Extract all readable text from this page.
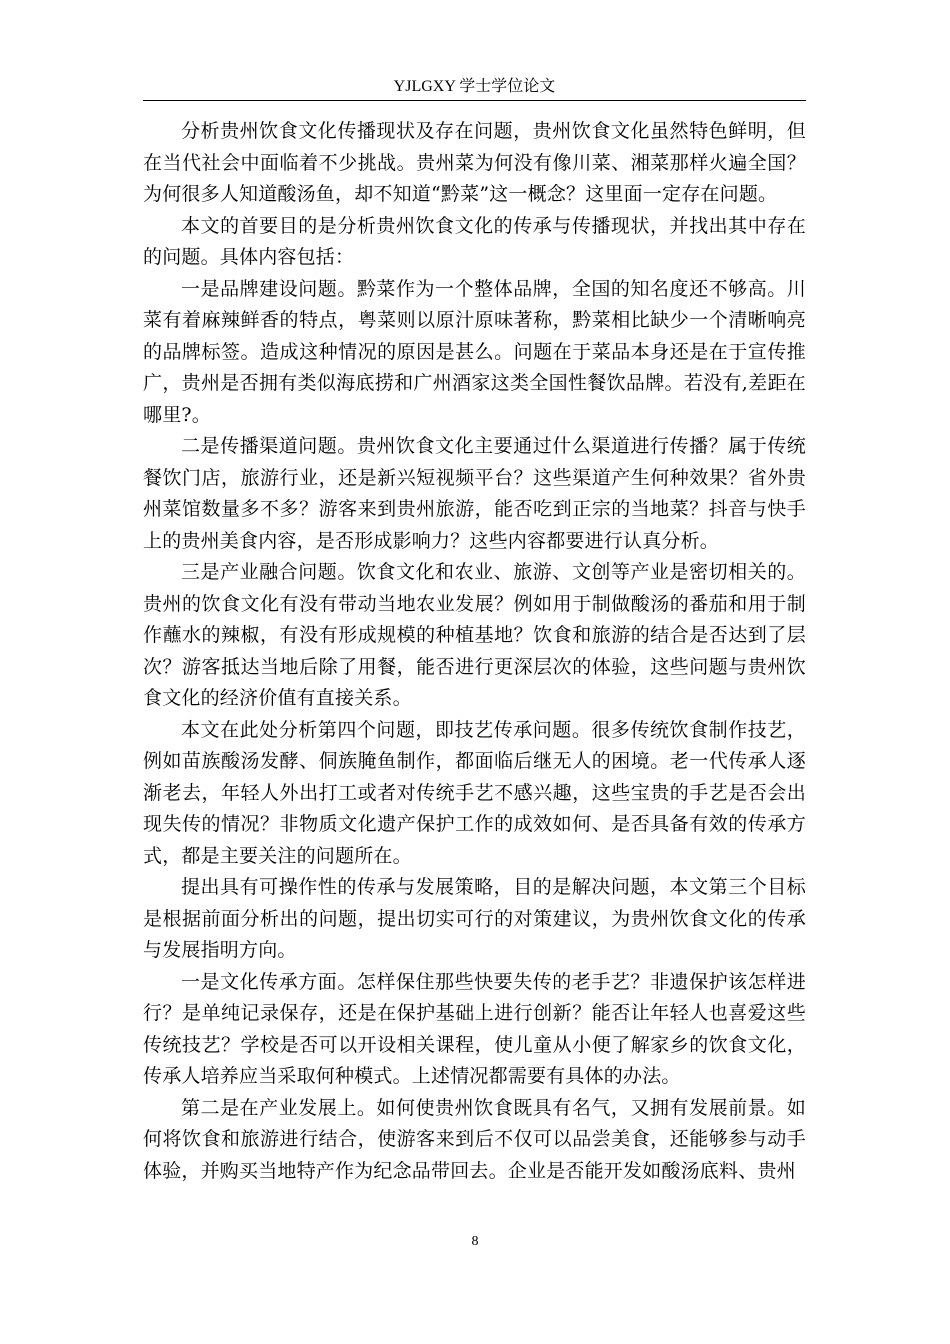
YJLGXY 学士学位论文

分析贵州饮食文化传播现状及存在问题，贵州饮食文化虽然特色鲜明，但在当代社会中面临着不少挑战。贵州菜为何没有像川菜、湘菜那样火遍全国？为何很多人知道酸汤鱼，却不知道“黔菜”这一概念？这里面一定存在问题。

本文的首要目的是分析贵州饮食文化的传承与传播现状，并找出其中存在的问题。具体内容包括：

一是品牌建设问题。黔菜作为一个整体品牌，全国的知名度还不够高。川菜有着麻辣鲜香的特点，粤菜则以原汁原味著称，黔菜相比缺少一个清晰响亮的品牌标签。造成这种情况的原因是甚么。问题在于菜品本身还是在于宣传推广，贵州是否拥有类似海底捞和广州酒家这类全国性餐饮品牌。若没有,差距在哪里?。

二是传播渠道问题。贵州饮食文化主要通过什么渠道进行传播？属于传统餐饮门店，旅游行业，还是新兴短视频平台？这些渠道产生何种效果？省外贵州菜馆数量多不多？游客来到贵州旅游，能否吃到正宗的当地菜？抖音与快手上的贵州美食内容，是否形成影响力？这些内容都要进行认真分析。

三是产业融合问题。饮食文化和农业、旅游、文创等产业是密切相关的。贵州的饮食文化有没有带动当地农业发展？例如用于制做酸汤的番茄和用于制作蘸水的辣椒，有没有形成规模的种植基地？饮食和旅游的结合是否达到了层次？游客抵达当地后除了用餐，能否进行更深层次的体验，这些问题与贵州饮食文化的经济价值有直接关系。

本文在此处分析第四个问题，即技艺传承问题。很多传统饮食制作技艺，例如苗族酸汤发酵、侗族腌鱼制作，都面临后继无人的困境。老一代传承人逐渐老去，年轻人外出打工或者对传统手艺不感兴趣，这些宝贵的手艺是否会出现失传的情况？非物质文化遗产保护工作的成效如何、是否具备有效的传承方式，都是主要关注的问题所在。

提出具有可操作性的传承与发展策略，目的是解决问题，本文第三个目标是根据前面分析出的问题，提出切实可行的对策建议，为贵州饮食文化的传承与发展指明方向。

一是文化传承方面。怎样保住那些快要失传的老手艺？非遗保护该怎样进行？是单纯记录保存，还是在保护基础上进行创新？能否让年轻人也喜爱这些传统技艺？学校是否可以开设相关课程，使儿童从小便了解家乡的饮食文化，传承人培养应当采取何种模式。上述情况都需要有具体的办法。

第二是在产业发展上。如何使贵州饮食既具有名气，又拥有发展前景。如何将饮食和旅游进行结合，使游客来到后不仅可以品尝美食，还能够参与动手体验，并购买当地特产作为纪念品带回去。企业是否能开发如酸汤底料、贵州

8
